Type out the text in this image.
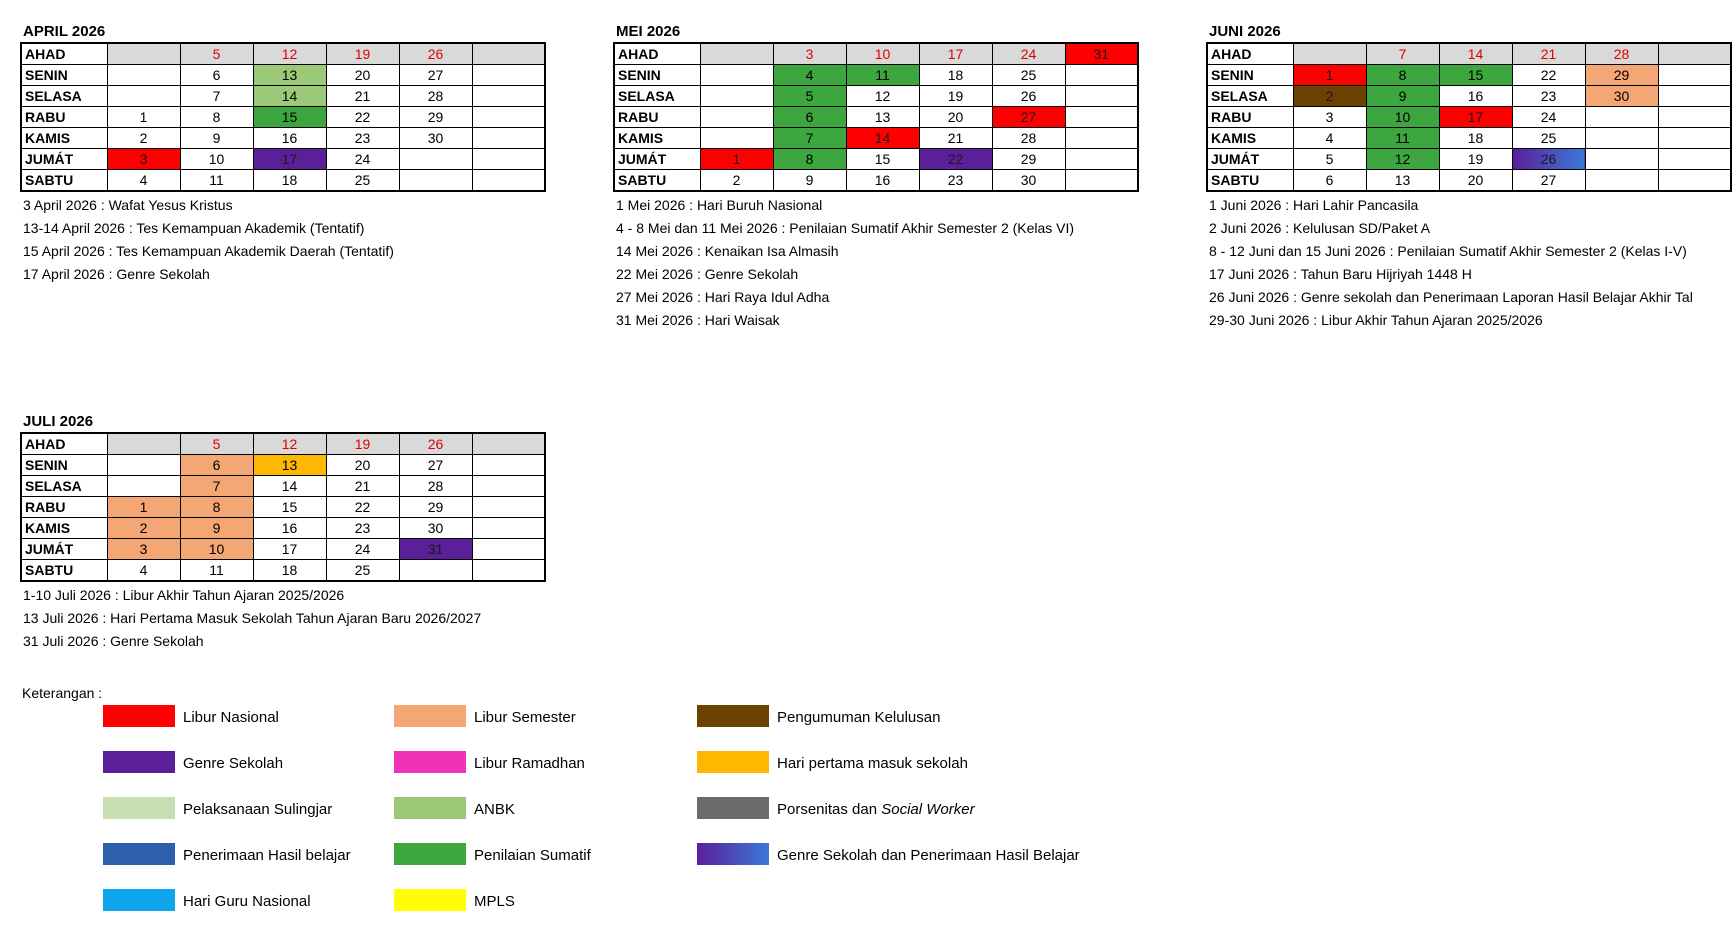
APRIL 2026
AHAD		5	12	19	26	
SENIN		6	13	20	27	
SELASA		7	14	21	28	
RABU	1	8	15	22	29	
KAMIS	2	9	16	23	30	
JUMÁT	3	10	17	24		
SABTU	4	11	18	25		
3 April 2026 : Wafat Yesus Kristus
13-14 April 2026 : Tes Kemampuan Akademik (Tentatif)
15 April 2026 : Tes Kemampuan Akademik Daerah (Tentatif)
17 April 2026 : Genre Sekolah
MEI 2026
AHAD		3	10	17	24	31
SENIN		4	11	18	25	
SELASA		5	12	19	26	
RABU		6	13	20	27	
KAMIS		7	14	21	28	
JUMÁT	1	8	15	22	29	
SABTU	2	9	16	23	30	
1 Mei 2026 : Hari Buruh Nasional
4 - 8 Mei dan 11 Mei 2026 : Penilaian Sumatif Akhir Semester 2 (Kelas VI)
14 Mei 2026 : Kenaikan Isa Almasih
22 Mei 2026 : Genre Sekolah
27 Mei 2026 : Hari Raya Idul Adha
31 Mei 2026 : Hari Waisak
JUNI 2026
AHAD		7	14	21	28	
SENIN	1	8	15	22	29	
SELASA	2	9	16	23	30	
RABU	3	10	17	24		
KAMIS	4	11	18	25		
JUMÁT	5	12	19	26		
SABTU	6	13	20	27		
1 Juni 2026 : Hari Lahir Pancasila
2 Juni 2026 : Kelulusan SD/Paket A
8 - 12 Juni dan 15 Juni 2026 : Penilaian Sumatif Akhir Semester 2 (Kelas I-V)
17 Juni 2026 : Tahun Baru Hijriyah 1448 H
26 Juni 2026 : Genre sekolah dan Penerimaan Laporan Hasil Belajar Akhir Tal
29-30 Juni 2026 : Libur Akhir Tahun Ajaran 2025/2026
JULI 2026
AHAD		5	12	19	26	
SENIN		6	13	20	27	
SELASA		7	14	21	28	
RABU	1	8	15	22	29	
KAMIS	2	9	16	23	30	
JUMÁT	3	10	17	24	31	
SABTU	4	11	18	25		
1-10 Juli 2026 : Libur Akhir Tahun Ajaran 2025/2026
13 Juli 2026 : Hari Pertama Masuk Sekolah Tahun Ajaran Baru 2026/2027
31 Juli 2026 : Genre Sekolah
Keterangan :
Libur Nasional
Genre Sekolah
Pelaksanaan Sulingjar
Penerimaan Hasil belajar
Hari Guru Nasional
Libur Semester
Libur Ramadhan
ANBK
Penilaian Sumatif
MPLS
Pengumuman Kelulusan
Hari pertama masuk sekolah
Porsenitas dan Social Worker
Genre Sekolah dan Penerimaan Hasil Belajar
